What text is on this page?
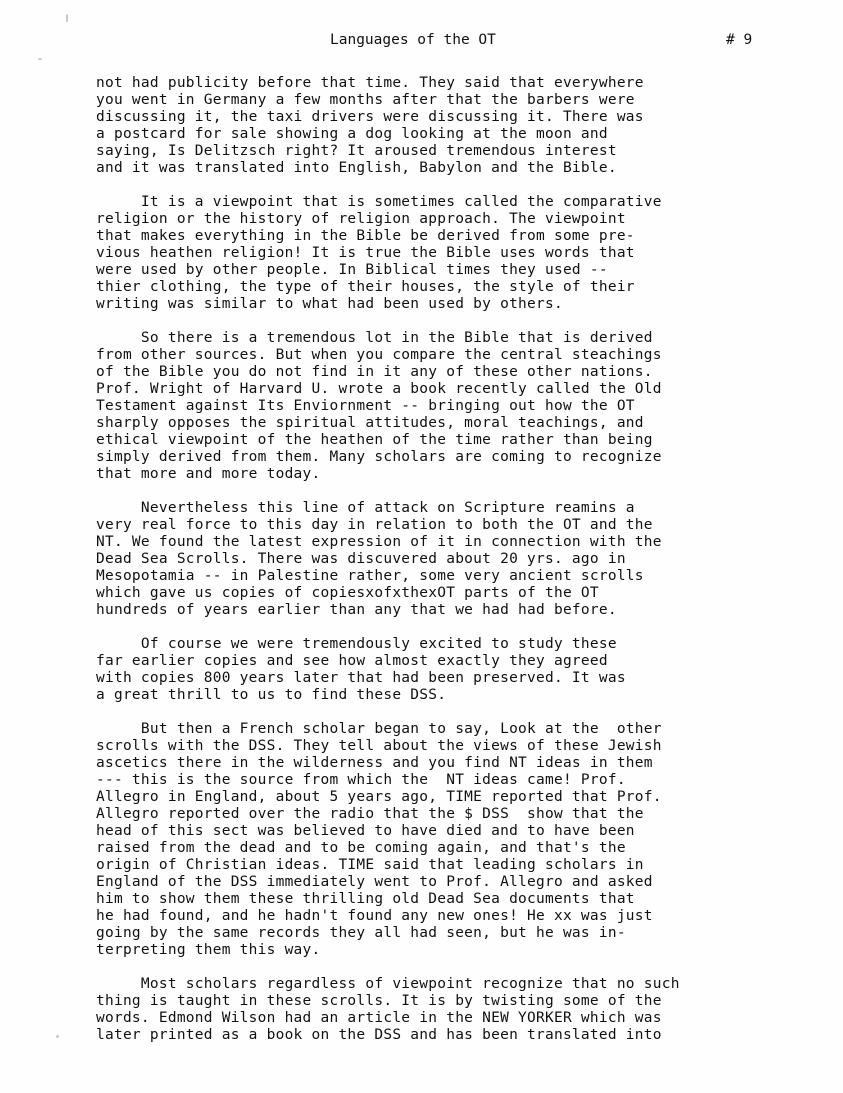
Languages of the OT	# 9
not had publicity before that time. They said that everywhere
you went in Germany a few months after that the barbers were
discussing it, the taxi drivers were discussing it. There was
a postcard for sale showing a dog looking at the moon and
saying, Is Delitzsch right? It aroused tremendous interest
and it was translated into English, Babylon and the Bible.
It is a viewpoint that is sometimes called the comparative
religion or the history of religion approach. The viewpoint
that makes everything in the Bible be derived from some pre-
vious heathen religion! It is true the Bible uses words that
were used by other people. In Biblical times they used --
thier clothing, the type of their houses, the style of their
writing was similar to what had been used by others.
So there is a tremendous lot in the Bible that is derived
from other sources. But when you compare the central steachings
of the Bible you do not find in it any of these other nations.
Prof. Wright of Harvard U. wrote a book recently called the Old
Testament against Its Enviornment -- bringing out how the OT
sharply opposes the spiritual attitudes, moral teachings, and
ethical viewpoint of the heathen of the time rather than being
simply derived from them. Many scholars are coming to recognize
that more and more today.
Nevertheless this line of attack on Scripture reamins a
very real force to this day in relation to both the OT and the
NT. We found the latest expression of it in connection with the
Dead Sea Scrolls. There was discuvered about 20 yrs. ago in
Mesopotamia -- in Palestine rather, some very ancient scrolls
which gave us copies of copiesxofxthexOT parts of the OT
hundreds of years earlier than any that we had had before.
Of course we were tremendously excited to study these
far earlier copies and see how almost exactly they agreed
with copies 800 years later that had been preserved. It was
a great thrill to us to find these DSS.
But then a French scholar began to say, Look at the  other
scrolls with the DSS. They tell about the views of these Jewish
ascetics there in the wilderness and you find NT ideas in them
--- this is the source from which the  NT ideas came! Prof.
Allegro in England, about 5 years ago, TIME reported that Prof.
Allegro reported over the radio that the $ DSS  show that the
head of this sect was believed to have died and to have been
raised from the dead and to be coming again, and that's the
origin of Christian ideas. TIME said that leading scholars in
England of the DSS immediately went to Prof. Allegro and asked
him to show them these thrilling old Dead Sea documents that
he had found, and he hadn't found any new ones! He xx was just
going by the same records they all had seen, but he was in-
terpreting them this way.
Most scholars regardless of viewpoint recognize that no such
thing is taught in these scrolls. It is by twisting some of the
words. Edmond Wilson had an article in the NEW YORKER which was
later printed as a book on the DSS and has been translated into
